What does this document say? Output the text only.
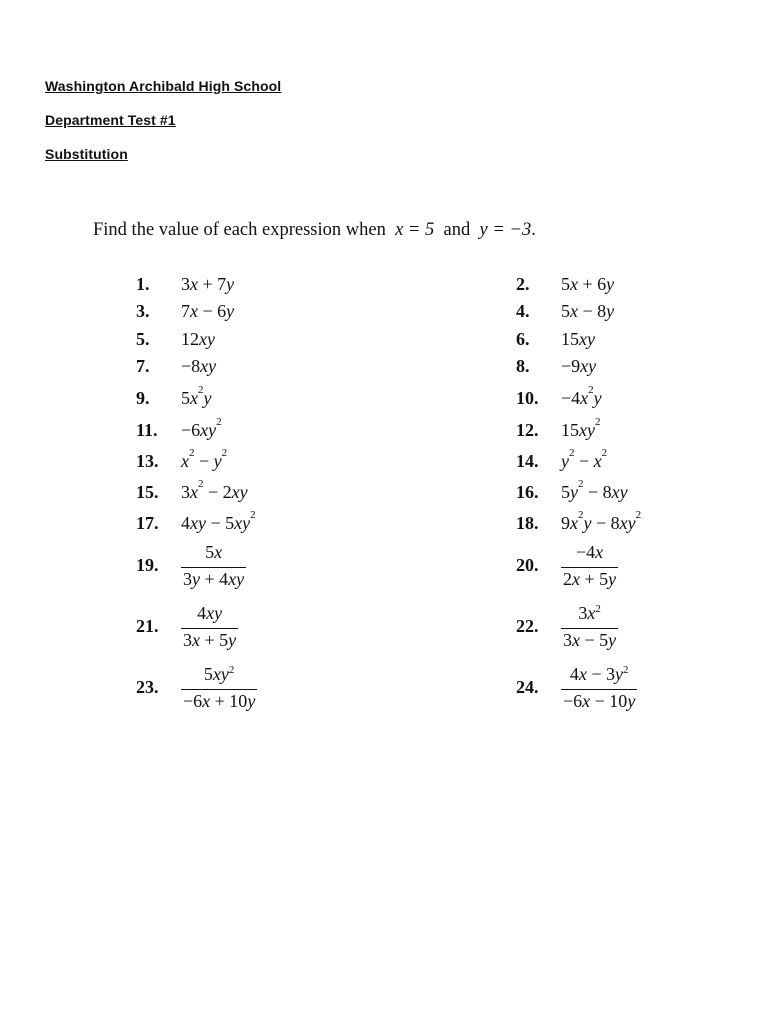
Washington Archibald High School
Department Test #1
Substitution
Find the value of each expression when x = 5 and y = −3.
1. 3x + 7y	2. 5x + 6y
3. 7x − 6y	4. 5x − 8y
5. 12xy	6. 15xy
7. −8xy	8. −9xy
9. $5x^2y$	10. $-4x^2y$
11. $-6xy^2$	12. $15xy^2$
13. $x^2 - y^2$	14. $y^2 - x^2$
15. $3x^2 - 2xy$	16. $5y^2 - 8xy$
17. $4xy - 5xy^2$	18. $9x^2y - 8xy^2$
19. $\frac{5x}{3y + 4xy}$	20. $\frac{-4x}{2x + 5y}$
21. $\frac{4xy}{3x + 5y}$	22. $\frac{3x^2}{3x - 5y}$
23. $\frac{5xy^2}{-6x + 10y}$	24. $\frac{4x - 3y^2}{-6x - 10y}$
